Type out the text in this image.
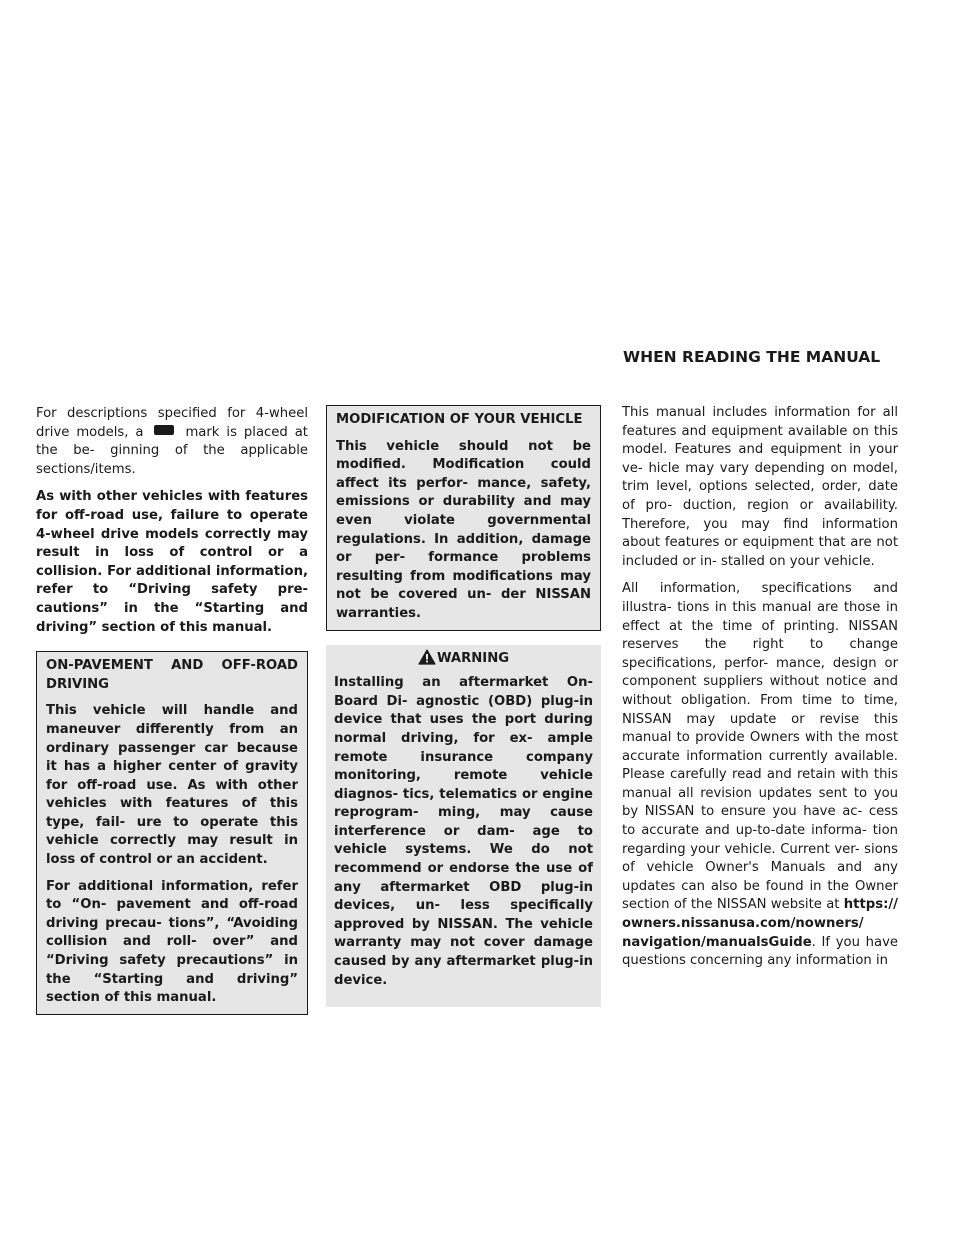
WHEN READING THE MANUAL

For descriptions specified for 4-wheel drive models, a  mark is placed at the be- ginning of the applicable sections/items.

As with other vehicles with features for off-road use, failure to operate 4-wheel drive models correctly may result in loss of control or a collision. For additional information, refer to “Driving safety pre- cautions” in the “Starting and driving” section of this manual.

ON-PAVEMENT AND OFF-ROAD DRIVING

This vehicle will handle and maneuver differently from an ordinary passenger car because it has a higher center of gravity for off-road use. As with other vehicles with features of this type, fail- ure to operate this vehicle correctly may result in loss of control or an accident.

For additional information, refer to “On- pavement and off-road driving precau- tions”, “Avoiding collision and roll- over” and “Driving safety precautions” in the “Starting and driving” section of this manual.

MODIFICATION OF YOUR VEHICLE

This vehicle should not be modified. Modification could affect its perfor- mance, safety, emissions or durability and may even violate governmental regulations. In addition, damage or per- formance problems resulting from modifications may not be covered un- der NISSAN warranties.

WARNING

Installing an aftermarket On-Board Di- agnostic (OBD) plug-in device that uses the port during normal driving, for ex- ample remote insurance company monitoring, remote vehicle diagnos- tics, telematics or engine reprogram- ming, may cause interference or dam- age to vehicle systems. We do not recommend or endorse the use of any aftermarket OBD plug-in devices, un- less specifically approved by NISSAN. The vehicle warranty may not cover damage caused by any aftermarket plug-in device.

This manual includes information for all features and equipment available on this model. Features and equipment in your ve- hicle may vary depending on model, trim level, options selected, order, date of pro- duction, region or availability. Therefore, you may find information about features or equipment that are not included or in- stalled on your vehicle.

All information, specifications and illustra- tions in this manual are those in effect at the time of printing. NISSAN reserves the right to change specifications, perfor- mance, design or component suppliers without notice and without obligation. From time to time, NISSAN may update or revise this manual to provide Owners with the most accurate information currently available. Please carefully read and retain with this manual all revision updates sent to you by NISSAN to ensure you have ac- cess to accurate and up-to-date informa- tion regarding your vehicle. Current ver- sions of vehicle Owner's Manuals and any updates can also be found in the Owner section of the NISSAN website at https:// owners.nissanusa.com/nowners/ navigation/manualsGuide. If you have questions concerning any information in
